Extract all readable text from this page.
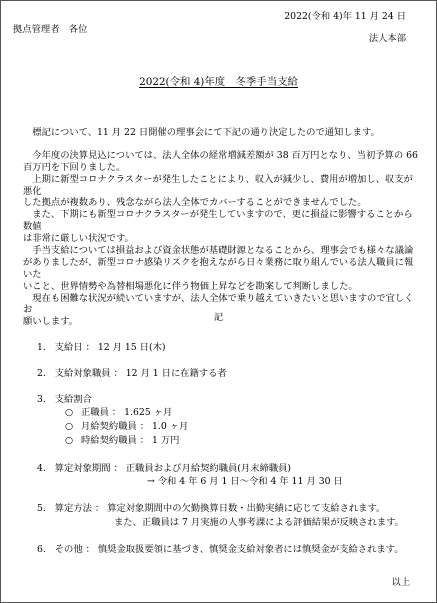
2022(令和 4)年 11 月 24 日
拠点管理者　各位
法人本部
2022(令和 4)年度　冬季手当支給

標記について、11 月 22 日開催の理事会にて下記の通り決定したので通知します。

今年度の決算見込については、法人全体の経常増減差額が 38 百万円となり、当初予算の 66
百万円を下回りました。

上期に新型コロナクラスターが発生したことにより、収入が減少し、費用が増加し、収支が悪化
した拠点が複数あり、残念ながら法人全体でカバーすることができませんでした。

また、下期にも新型コロナクラスターが発生していますので、更に損益に影響することから数値
は非常に厳しい状況です。

手当支給については損益および資金状態が基礎財源となることから、理事会でも様々な議論
がありましたが、新型コロナ感染リスクを抱えながら日々業務に取り組んでいる法人職員に報いた
いこと、世界情勢や為替相場悪化に伴う物価上昇などを勘案して判断しました。

現在も困難な状況が続いていますが、法人全体で乗り越えていきたいと思いますので宜しくお
願いします。	記
1. 支給日 ： 12 月 15 日(木)
2. 支給対象職員 ： 12 月 1 日に在籍する者
3. 支給割合
○ 正職員 ： 1.625 ヶ月
○ 月給契約職員 ： 1.0 ヶ月
○ 時給契約職員 ： 1 万円
4. 算定対象期間 ： 正職員および月給契約職員(月末締職員)
→ 令和 4 年 6 月 1 日～令和 4 年 11 月 30 日
5. 算定方法 ： 算定対象期間中の欠勤換算日数・出勤実績に応じて支給されます。
また、正職員は 7 月実施の人事考課による評価結果が反映されます。
6. その他 ： 慎奨金取扱要領に基づき、慎奨金支給対象者には慎奨金が支給されます。
以上
